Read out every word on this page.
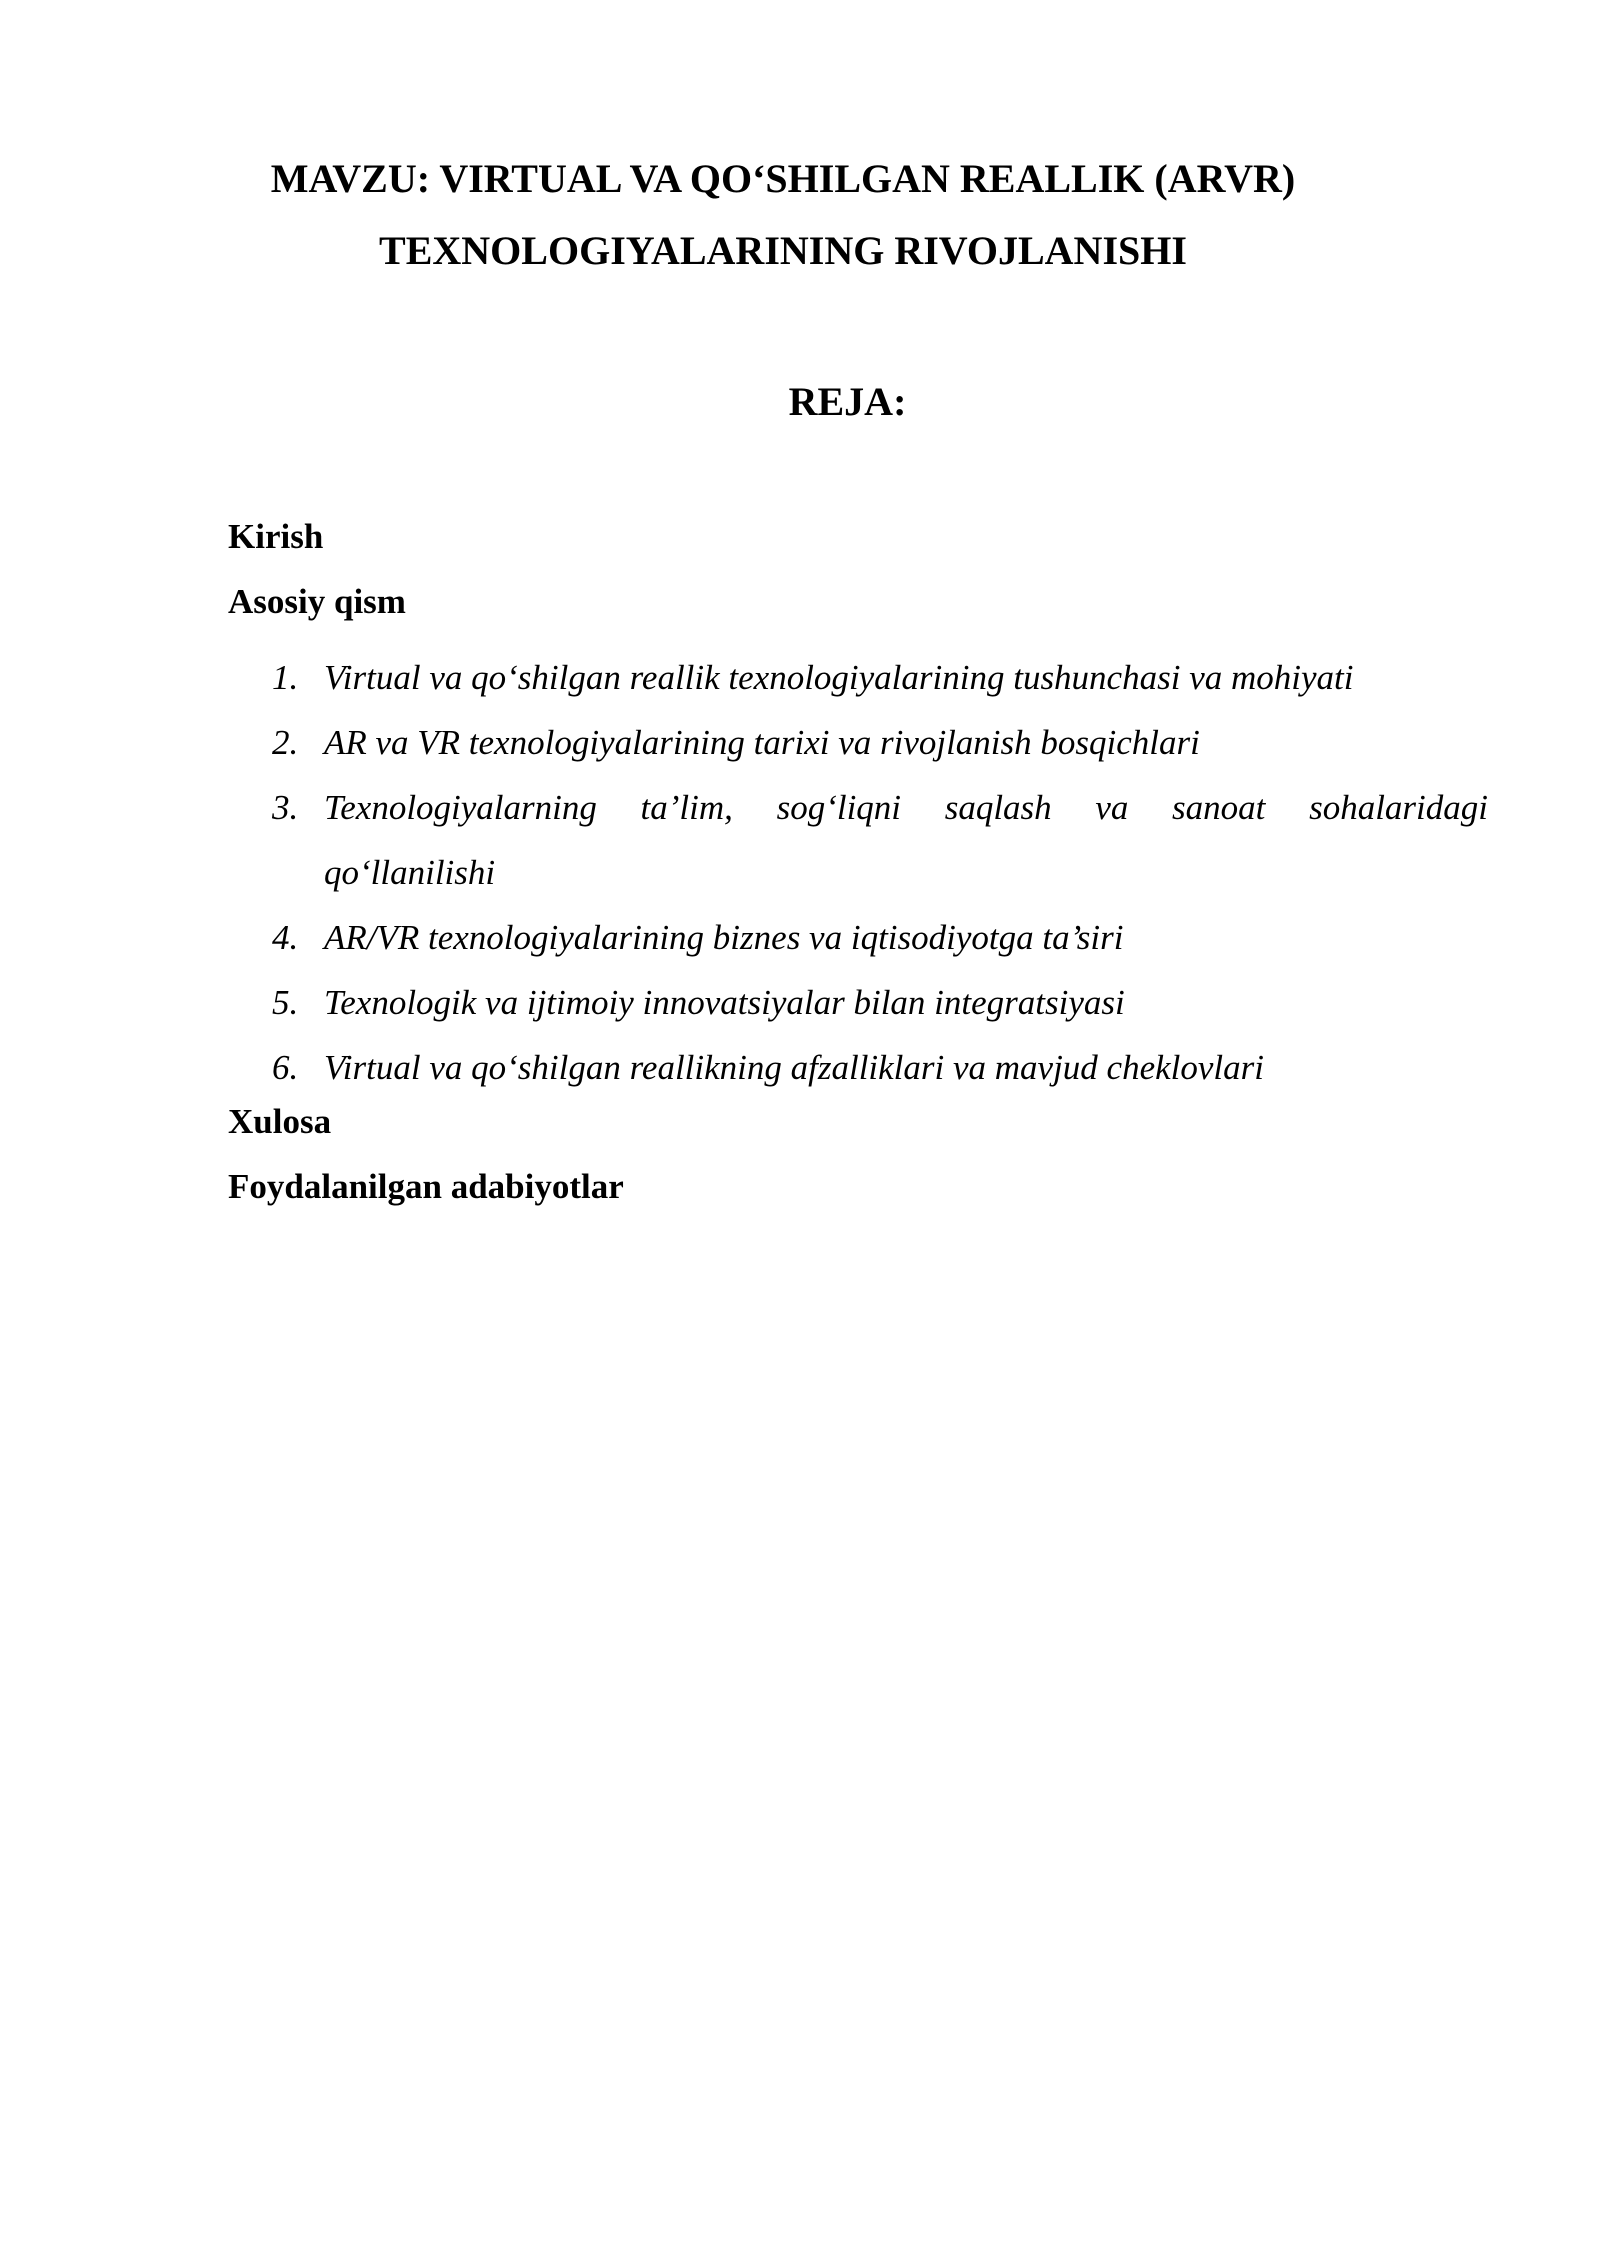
MAVZU: VIRTUAL VA QO‘SHILGAN REALLIK (ARVR)
TEXNOLOGIYALARINING RIVOJLANISHI
REJA:
Kirish
Asosiy qism
1. Virtual va qo‘shilgan reallik texnologiyalarining tushunchasi va mohiyati
2. AR va VR texnologiyalarining tarixi va rivojlanish bosqichlari
3. Texnologiyalarning ta’lim, sog‘liqni saqlash va sanoat sohalaridagi
qo‘llanilishi
4. AR/VR texnologiyalarining biznes va iqtisodiyotga ta’siri
5. Texnologik va ijtimoiy innovatsiyalar bilan integratsiyasi
6. Virtual va qo‘shilgan reallikning afzalliklari va mavjud cheklovlari
Xulosa
Foydalanilgan adabiyotlar
